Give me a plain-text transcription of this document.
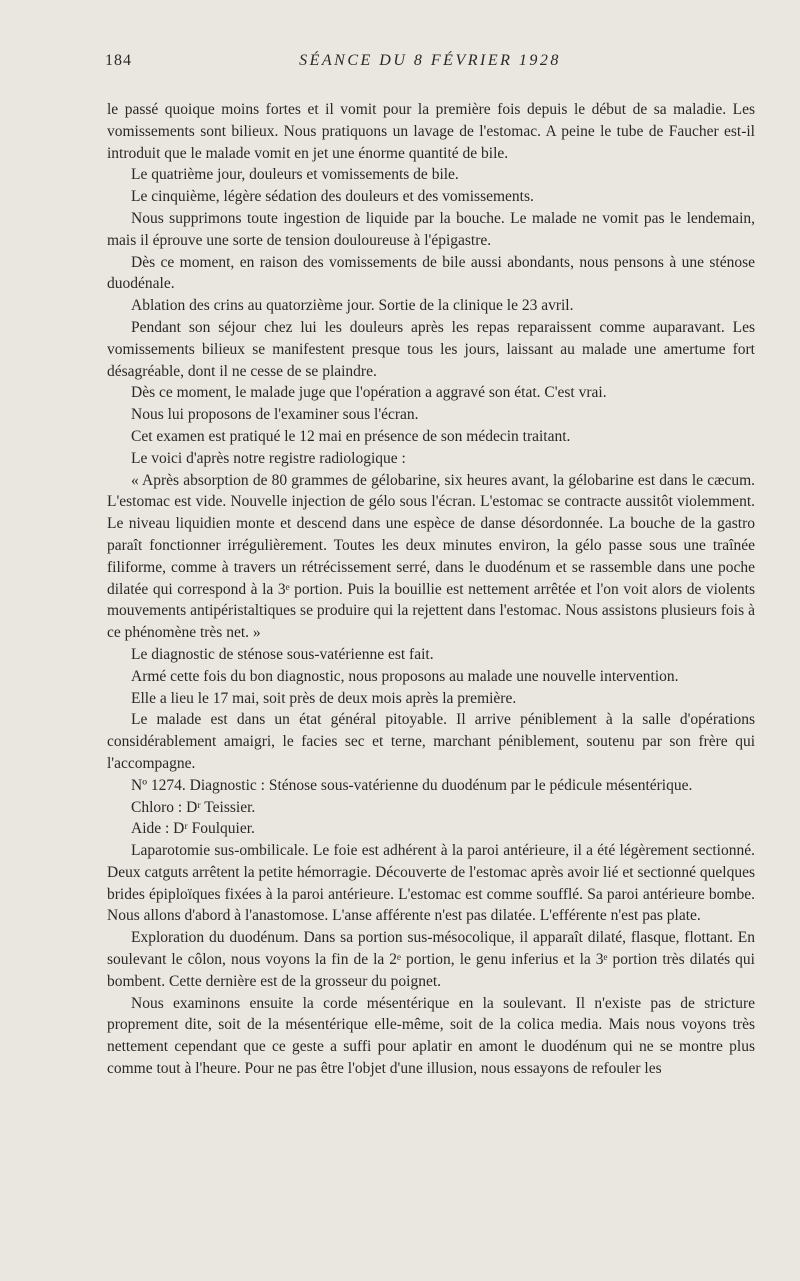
184	SÉANCE DU 8 FÉVRIER 1928

le passé quoique moins fortes et il vomit pour la première fois depuis le début de sa maladie. Les vomissements sont bilieux. Nous pratiquons un lavage de l'estomac. A peine le tube de Faucher est-il introduit que le malade vomit en jet une énorme quantité de bile.

Le quatrième jour, douleurs et vomissements de bile.

Le cinquième, légère sédation des douleurs et des vomissements.

Nous supprimons toute ingestion de liquide par la bouche. Le malade ne vomit pas le lendemain, mais il éprouve une sorte de tension douloureuse à l'épigastre.

Dès ce moment, en raison des vomissements de bile aussi abondants, nous pensons à une sténose duodénale.

Ablation des crins au quatorzième jour. Sortie de la clinique le 23 avril.

Pendant son séjour chez lui les douleurs après les repas reparaissent comme auparavant. Les vomissements bilieux se manifestent presque tous les jours, laissant au malade une amertume fort désagréable, dont il ne cesse de se plaindre.

Dès ce moment, le malade juge que l'opération a aggravé son état. C'est vrai.

Nous lui proposons de l'examiner sous l'écran.

Cet examen est pratiqué le 12 mai en présence de son médecin traitant.

Le voici d'après notre registre radiologique :

« Après absorption de 80 grammes de gélobarine, six heures avant, la gélobarine est dans le cæcum. L'estomac est vide. Nouvelle injection de gélo sous l'écran. L'estomac se contracte aussitôt violemment. Le niveau liquidien monte et descend dans une espèce de danse désordonnée. La bouche de la gastro paraît fonctionner irrégulièrement. Toutes les deux minutes environ, la gélo passe sous une traînée filiforme, comme à travers un rétrécissement serré, dans le duodénum et se rassemble dans une poche dilatée qui correspond à la 3ᵉ portion. Puis la bouillie est nettement arrêtée et l'on voit alors de violents mouvements antipéristaltiques se produire qui la rejettent dans l'estomac. Nous assistons plusieurs fois à ce phénomène très net. »

Le diagnostic de sténose sous-vatérienne est fait.

Armé cette fois du bon diagnostic, nous proposons au malade une nouvelle intervention.

Elle a lieu le 17 mai, soit près de deux mois après la première.

Le malade est dans un état général pitoyable. Il arrive péniblement à la salle d'opérations considérablement amaigri, le facies sec et terne, marchant péniblement, soutenu par son frère qui l'accompagne.

Nº 1274. Diagnostic : Sténose sous-vatérienne du duodénum par le pédicule mésentérique.

Chloro : Dʳ Teissier.

Aide : Dʳ Foulquier.

Laparotomie sus-ombilicale. Le foie est adhérent à la paroi antérieure, il a été légèrement sectionné. Deux catguts arrêtent la petite hémorragie. Découverte de l'estomac après avoir lié et sectionné quelques brides épiploïques fixées à la paroi antérieure. L'estomac est comme soufflé. Sa paroi antérieure bombe. Nous allons d'abord à l'anastomose. L'anse afférente n'est pas dilatée. L'efférente n'est pas plate.

Exploration du duodénum. Dans sa portion sus-mésocolique, il apparaît dilaté, flasque, flottant. En soulevant le côlon, nous voyons la fin de la 2ᵉ portion, le genu inferius et la 3ᵉ portion très dilatés qui bombent. Cette dernière est de la grosseur du poignet.

Nous examinons ensuite la corde mésentérique en la soulevant. Il n'existe pas de stricture proprement dite, soit de la mésentérique elle-même, soit de la colica media. Mais nous voyons très nettement cependant que ce geste a suffi pour aplatir en amont le duodénum qui ne se montre plus comme tout à l'heure. Pour ne pas être l'objet d'une illusion, nous essayons de refouler les
